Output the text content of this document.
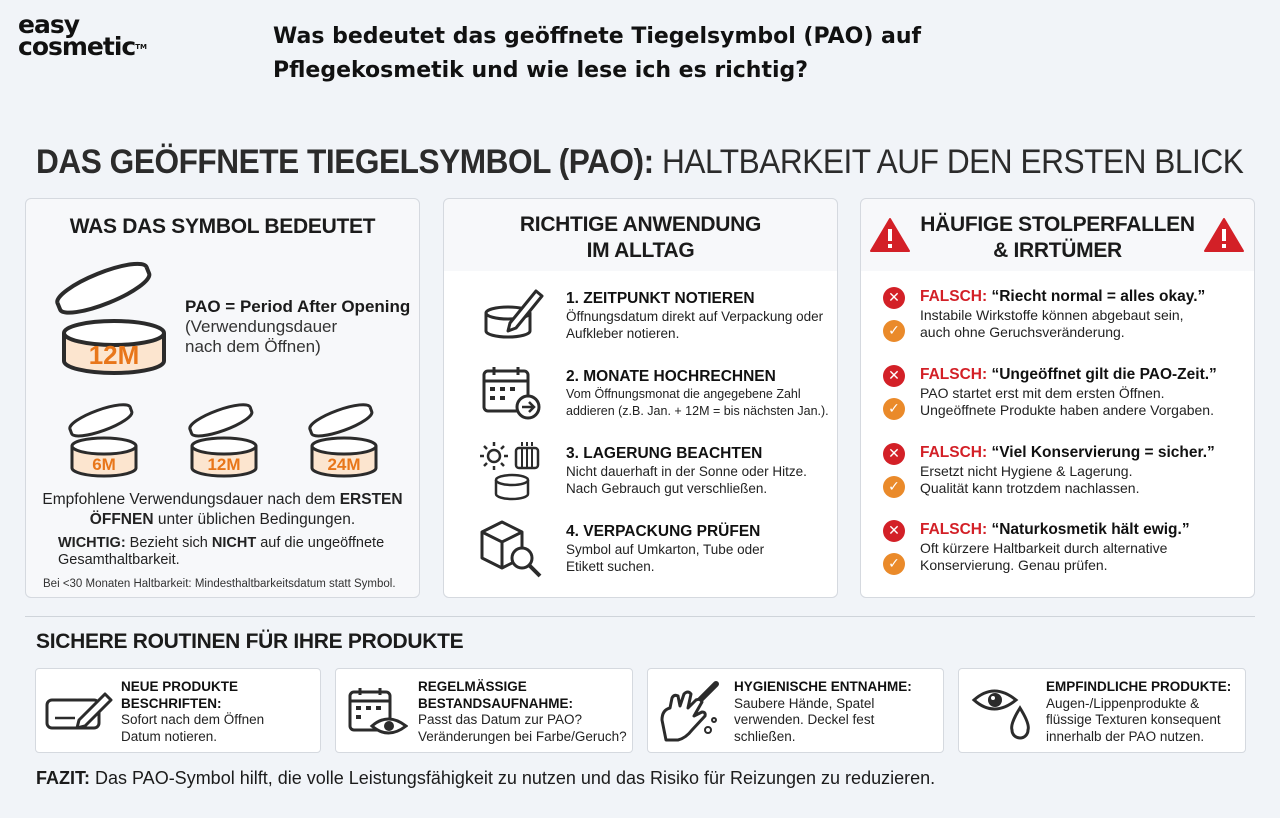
easy
cosmetic™	Was bedeutet das geöffnete Tiegelsymbol (PAO) auf Pflegekosmetik und wie lese ich es richtig?
DAS GEÖFFNETE TIEGELSYMBOL (PAO): HALTBARKEIT AUF DEN ERSTEN BLICK
WAS DAS SYMBOL BEDEUTET
12M
PAO = Period After Opening
(Verwendungsdauer nach dem Öffnen)
6M	12M	24M
Empfohlene Verwendungsdauer nach dem ERSTEN ÖFFNEN unter üblichen Bedingungen.
WICHTIG: Bezieht sich NICHT auf die ungeöffnete Gesamthaltbarkeit.
Bei <30 Monaten Haltbarkeit: Mindesthaltbarkeitsdatum statt Symbol.
RICHTIGE ANWENDUNG
IM ALLTAG
1. ZEITPUNKT NOTIEREN
Öffnungsdatum direkt auf Verpackung oder Aufkleber notieren.
2. MONATE HOCHRECHNEN
Vom Öffnungsmonat die angegebene Zahl addieren (z.B. Jan. + 12M = bis nächsten Jan.).
3. LAGERUNG BEACHTEN
Nicht dauerhaft in der Sonne oder Hitze. Nach Gebrauch gut verschließen.
4. VERPACKUNG PRÜFEN
Symbol auf Umkarton, Tube oder Etikett suchen.
HÄUFIGE STOLPERFALLEN
& IRRTÜMER
✕
✓
FALSCH: “Riecht normal = alles okay.”
Instabile Wirkstoffe können abgebaut sein, auch ohne Geruchsveränderung.
✕
✓
FALSCH: “Ungeöffnet gilt die PAO-Zeit.”
PAO startet erst mit dem ersten Öffnen. Ungeöffnete Produkte haben andere Vorgaben.
✕
✓
FALSCH: “Viel Konservierung = sicher.”
Ersetzt nicht Hygiene & Lagerung. Qualität kann trotzdem nachlassen.
✕
✓
FALSCH: “Naturkosmetik hält ewig.”
Oft kürzere Haltbarkeit durch alternative Konservierung. Genau prüfen.
SICHERE ROUTINEN FÜR IHRE PRODUKTE
NEUE PRODUKTE BESCHRIFTEN:
Sofort nach dem Öffnen Datum notieren.
REGELMÄSSIGE BESTANDSAUFNAHME:
Passt das Datum zur PAO? Veränderungen bei Farbe/Geruch?
HYGIENISCHE ENTNAHME:
Saubere Hände, Spatel verwenden. Deckel fest schließen.
EMPFINDLICHE PRODUKTE:
Augen-/Lippenprodukte & flüssige Texturen konsequent innerhalb der PAO nutzen.
FAZIT: Das PAO-Symbol hilft, die volle Leistungsfähigkeit zu nutzen und das Risiko für Reizungen zu reduzieren.
